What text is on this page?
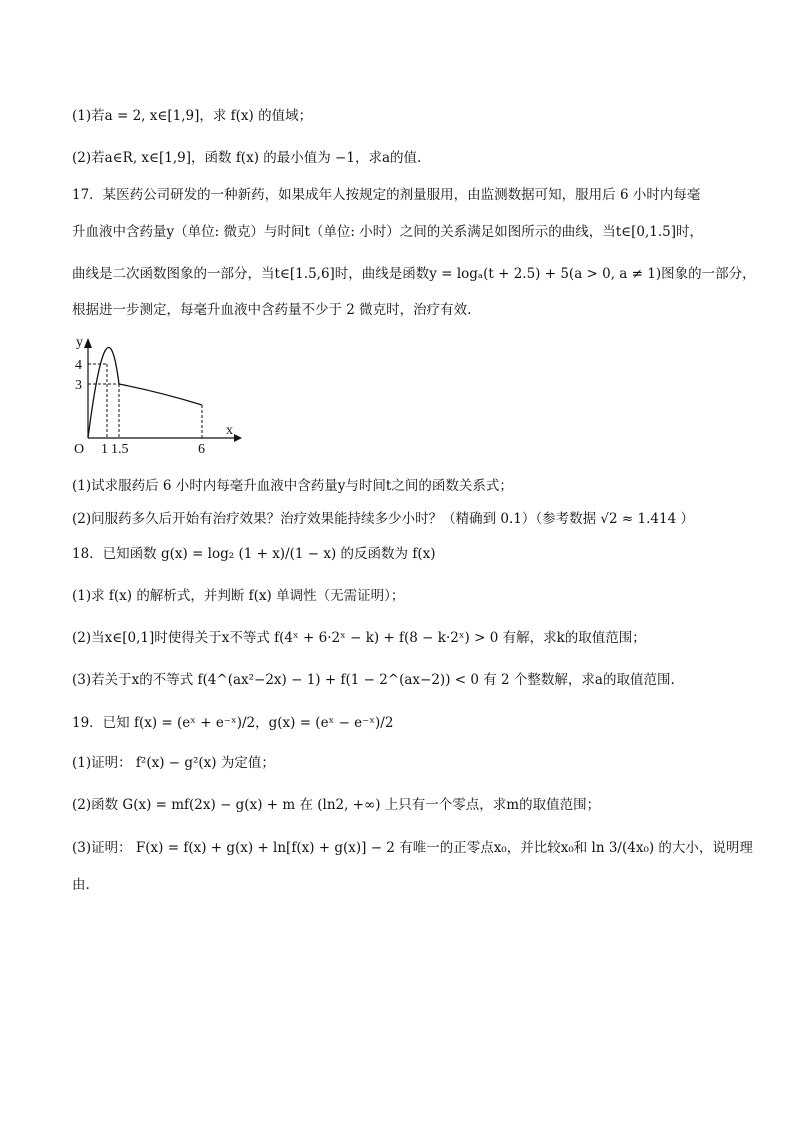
(1)若a = 2, x∈[1,9]，求 f(x) 的值域；
(2)若a∈R, x∈[1,9]，函数 f(x) 的最小值为 −1，求a的值.
17．某医药公司研发的一种新药，如果成年人按规定的剂量服用，由监测数据可知，服用后 6 小时内每毫
升血液中含药量y（单位: 微克）与时间t（单位: 小时）之间的关系满足如图所示的曲线，当t∈[0,1.5]时，
曲线是二次函数图象的一部分，当t∈[1.5,6]时，曲线是函数y = logₐ(t + 2.5) + 5(a > 0, a ≠ 1)图象的一部分，
根据进一步测定，每毫升血液中含药量不少于 2 微克时，治疗有效.
y
x
O
4
3
1 1.5	6
(1)试求服药后 6 小时内每毫升血液中含药量y与时间t之间的函数关系式；
(2)问服药多久后开始有治疗效果？治疗效果能持续多少小时？（精确到 0.1）（参考数据 √2 ≈ 1.414 ）
18．已知函数 g(x) = log₂ (1 + x)/(1 − x) 的反函数为 f(x)
(1)求 f(x) 的解析式，并判断 f(x) 单调性（无需证明）；
(2)当x∈[0,1]时使得关于x不等式 f(4ˣ + 6·2ˣ − k) + f(8 − k·2ˣ) > 0 有解，求k的取值范围；
(3)若关于x的不等式 f(4^(ax²−2x) − 1) + f(1 − 2^(ax−2)) < 0 有 2 个整数解，求a的取值范围.
19．已知 f(x) = (eˣ + e⁻ˣ)/2，g(x) = (eˣ − e⁻ˣ)/2
(1)证明： f²(x) − g²(x) 为定值；
(2)函数 G(x) = mf(2x) − g(x) + m 在 (ln2, +∞) 上只有一个零点，求m的取值范围；
(3)证明： F(x) = f(x) + g(x) + ln[f(x) + g(x)] − 2 有唯一的正零点x₀，并比较x₀和 ln 3/(4x₀) 的大小，说明理
由.
